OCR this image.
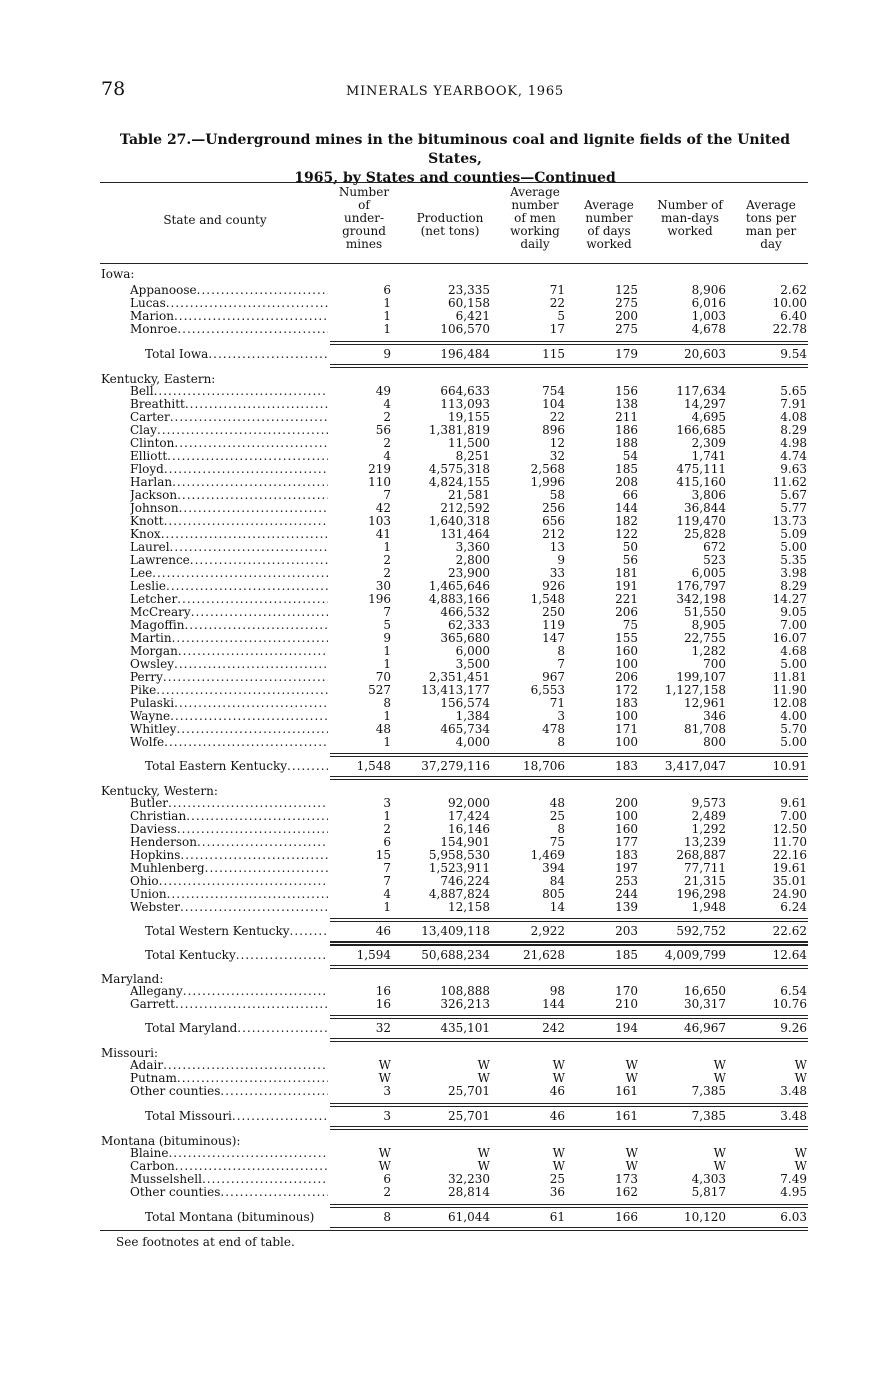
78	MINERALS YEARBOOK, 1965
Table 27.—Underground mines in the bituminous coal and lignite fields of the United States,
1965, by States and counties—Continued
State and county
Number
of
under-
ground
mines
Production
(net tons)
Average
number
of men
working
daily
Average
number
of days
worked
Number of
man-days
worked
Average
tons per
man per
day
Iowa:
Appanoose .....	6	23,335	71	125	8,906	2.62
Lucas .....	1	60,158	22	275	6,016	10.00
Marion .....	1	6,421	5	200	1,003	6.40
Monroe .....	1	106,570	17	275	4,678	22.78
Total Iowa .....	9	196,484	115	179	20,603	9.54
Kentucky, Eastern:
Bell .....	49	664,633	754	156	117,634	5.65
Breathitt .....	4	113,093	104	138	14,297	7.91
Carter .....	2	19,155	22	211	4,695	4.08
Clay .....	56	1,381,819	896	186	166,685	8.29
Clinton .....	2	11,500	12	188	2,309	4.98
Elliott .....	4	8,251	32	54	1,741	4.74
Floyd .....	219	4,575,318	2,568	185	475,111	9.63
Harlan .....	110	4,824,155	1,996	208	415,160	11.62
Jackson .....	7	21,581	58	66	3,806	5.67
Johnson .....	42	212,592	256	144	36,844	5.77
Knott .....	103	1,640,318	656	182	119,470	13.73
Knox .....	41	131,464	212	122	25,828	5.09
Laurel .....	1	3,360	13	50	672	5.00
Lawrence .....	2	2,800	9	56	523	5.35
Lee .....	2	23,900	33	181	6,005	3.98
Leslie .....	30	1,465,646	926	191	176,797	8.29
Letcher .....	196	4,883,166	1,548	221	342,198	14.27
McCreary .....	7	466,532	250	206	51,550	9.05
Magoffin .....	5	62,333	119	75	8,905	7.00
Martin .....	9	365,680	147	155	22,755	16.07
Morgan .....	1	6,000	8	160	1,282	4.68
Owsley .....	1	3,500	7	100	700	5.00
Perry .....	70	2,351,451	967	206	199,107	11.81
Pike .....	527	13,413,177	6,553	172 1,127,158	11.90
Pulaski .....	8	156,574	71	183	12,961	12.08
Wayne .....	1	1,384	3	100	346	4.00
Whitley .....	48	465,734	478	171	81,708	5.70
Wolfe .....	1	4,000	8	100	800	5.00
Total Eastern Kentucky .....	1,548	37,279,116	18,706	183 3,417,047	10.91
Kentucky, Western:
Butler .....	3	92,000	48	200	9,573	9.61
Christian .....	1	17,424	25	100	2,489	7.00
Daviess .....	2	16,146	8	160	1,292	12.50
Henderson .....	6	154,901	75	177	13,239	11.70
Hopkins .....	15	5,958,530	1,469	183	268,887	22.16
Muhlenberg .....	7	1,523,911	394	197	77,711	19.61
Ohio .....	7	746,224	84	253	21,315	35.01
Union .....	4	4,887,824	805	244	196,298	24.90
Webster .....	1	12,158	14	139	1,948	6.24
Total Western Kentucky .....	46	13,409,118	2,922	203	592,752	22.62
Total Kentucky .....	1,594	50,688,234	21,628	185 4,009,799	12.64
Maryland:
Allegany .....	16	108,888	98	170	16,650	6.54
Garrett .....	16	326,213	144	210	30,317	10.76
Total Maryland .....	32	435,101	242	194	46,967	9.26
Missouri:
Adair .....	W	W	W	W	W	W
Putnam .....	W	W	W	W	W	W
Other counties .....	3	25,701	46	161	7,385	3.48
Total Missouri .....	3	25,701	46	161	7,385	3.48
Montana (bituminous):
Blaine .....	W	W	W	W	W	W
Carbon .....	W	W	W	W	W	W
Musselshell .....	6	32,230	25	173	4,303	7.49
Other counties .....	2	28,814	36	162	5,817	4.95
Total Montana (bituminous)	8	61,044	61	166	10,120	6.03
See footnotes at end of table.
